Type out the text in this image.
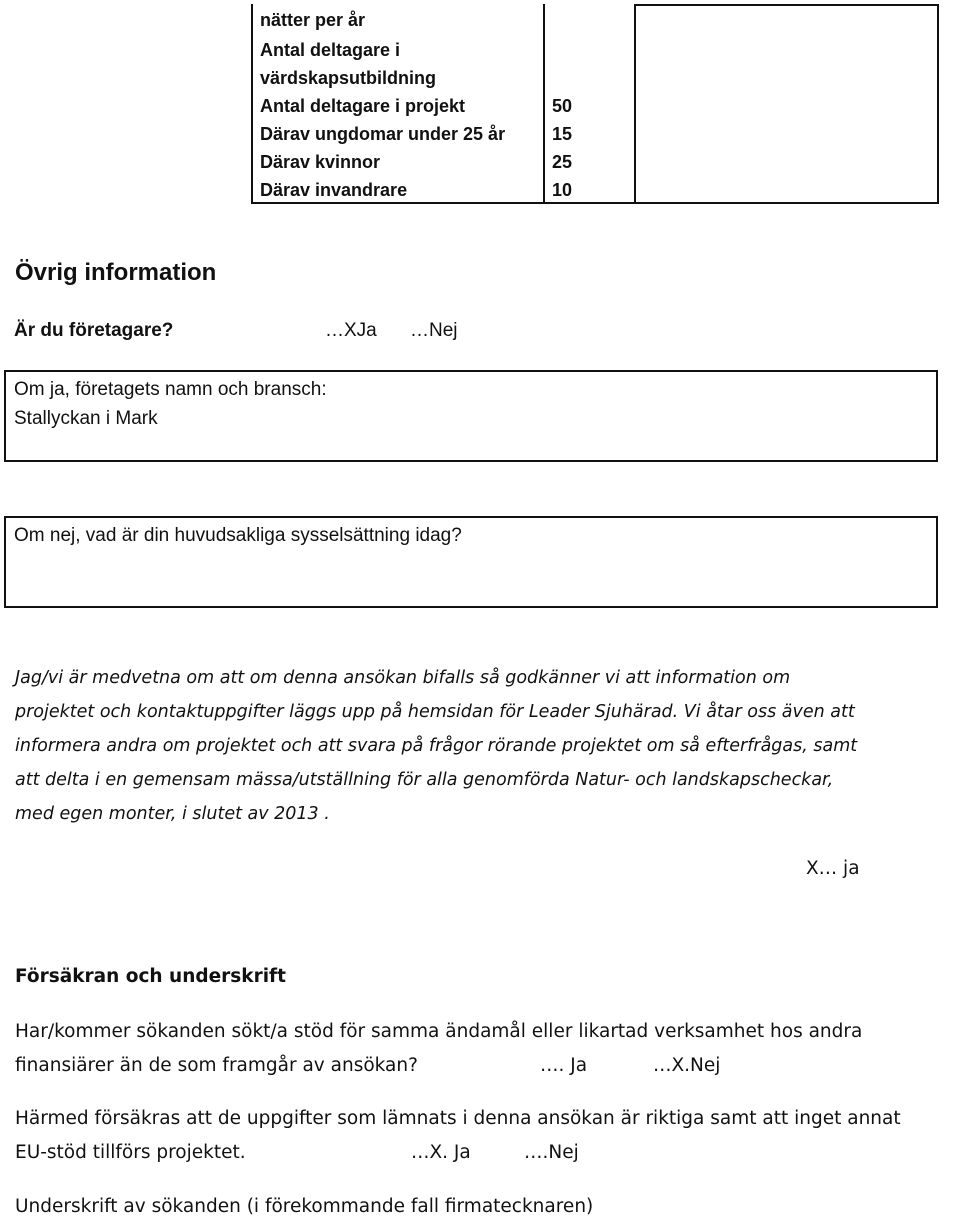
nätter per år
Antal deltagare i
värdskapsutbildning
Antal deltagare i projekt	50
Därav ungdomar under 25 år	15
Därav kvinnor	25
Därav invandrare	10
Övrig information
Är du företagare?	…XJa …Nej
Om ja, företagets namn och bransch:
Stallyckan i Mark
Om nej, vad är din huvudsakliga sysselsättning idag?
Jag/vi är medvetna om att om denna ansökan bifalls så godkänner vi att information om
projektet och kontaktuppgifter läggs upp på hemsidan för Leader Sjuhärad. Vi åtar oss även att
informera andra om projektet och att svara på frågor rörande projektet om så efterfrågas, samt
att delta i en gemensam mässa/utställning för alla genomförda Natur- och landskapscheckar,
med egen monter, i slutet av 2013 .
X… ja
Försäkran och underskrift
Har/kommer sökanden sökt/a stöd för samma ändamål eller likartad verksamhet hos andra
finansiärer än de som framgår av ansökan?	…. Ja	…X.Nej
Härmed försäkras att de uppgifter som lämnats i denna ansökan är riktiga samt att inget annat
EU-stöd tillförs projektet.	…X. Ja	….Nej
Underskrift av sökanden (i förekommande fall firmatecknaren)
